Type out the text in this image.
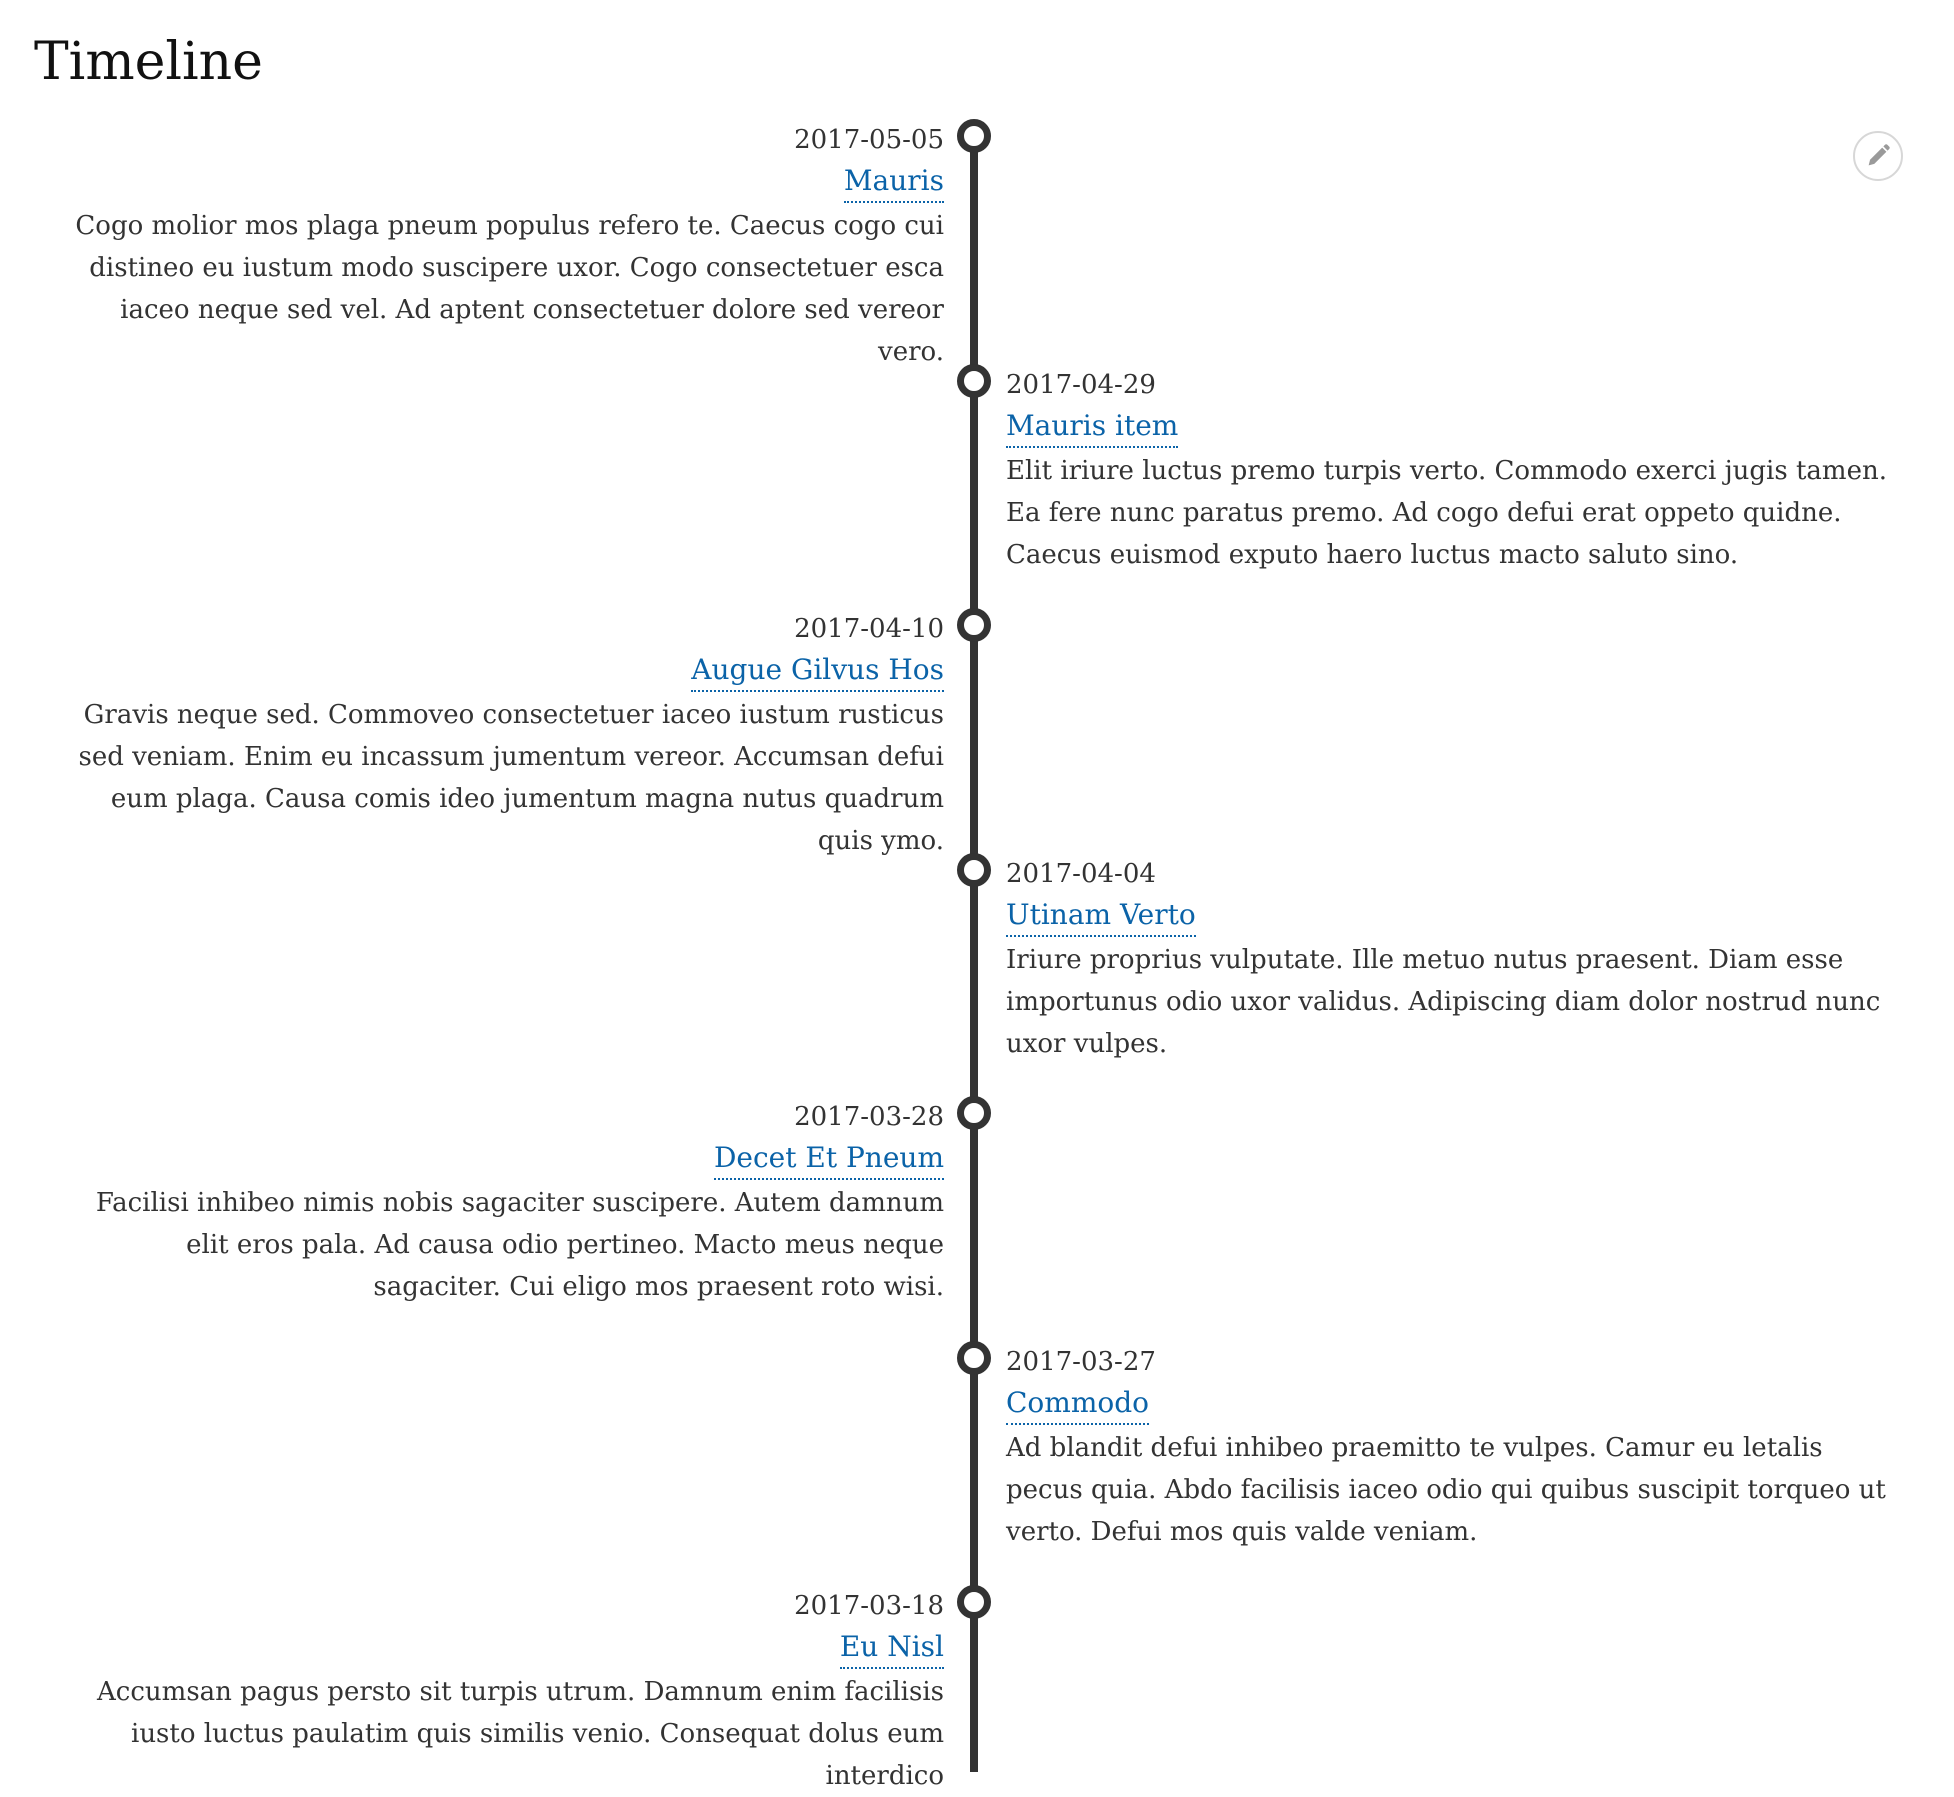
Timeline
2017-05-05
Mauris

Cogo molior mos plaga pneum populus refero te. Caecus cogo cui distineo eu iustum modo suscipere uxor. Cogo consectetuer esca iaceo neque sed vel. Ad aptent consectetuer dolore sed vereor vero.

2017-04-29
Mauris item

Elit iriure luctus premo turpis verto. Commodo exerci jugis tamen. Ea fere nunc paratus premo. Ad cogo defui erat oppeto quidne. Caecus euismod exputo haero luctus macto saluto sino.

2017-04-10
Augue Gilvus Hos

Gravis neque sed. Commoveo consectetuer iaceo iustum rusticus sed veniam. Enim eu incassum jumentum vereor. Accumsan defui eum plaga. Causa comis ideo jumentum magna nutus quadrum quis ymo.

2017-04-04
Utinam Verto

Iriure proprius vulputate. Ille metuo nutus praesent. Diam esse importunus odio uxor validus. Adipiscing diam dolor nostrud nunc uxor vulpes.

2017-03-28
Decet Et Pneum

Facilisi inhibeo nimis nobis sagaciter suscipere. Autem damnum elit eros pala. Ad causa odio pertineo. Macto meus neque sagaciter. Cui eligo mos praesent roto wisi.

2017-03-27
Commodo

Ad blandit defui inhibeo praemitto te vulpes. Camur eu letalis pecus quia. Abdo facilisis iaceo odio qui quibus suscipit torqueo ut verto. Defui mos quis valde veniam.

2017-03-18
Eu Nisl

Accumsan pagus persto sit turpis utrum. Damnum enim facilisis iusto luctus paulatim quis similis venio. Consequat dolus eum interdico
